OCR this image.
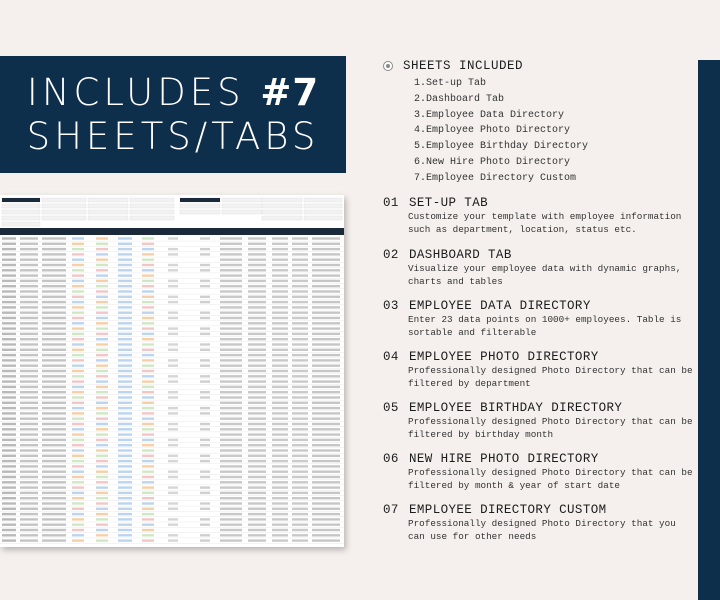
INCLUDES #7
SHEETS/TABS
SHEETS INCLUDED
1.Set-up Tab
2.Dashboard Tab
3.Employee Data Directory
4.Employee Photo Directory
5.Employee Birthday Directory
6.New Hire Photo Directory
7.Employee Directory Custom
01 SET-UP TAB
Customize your template with employee information such as department, location, status etc.
02 DASHBOARD TAB
Visualize your employee data with dynamic graphs, charts and tables
03 EMPLOYEE DATA DIRECTORY
Enter 23 data points on 1000+ employees. Table is sortable and filterable
04 EMPLOYEE PHOTO DIRECTORY
Professionally designed Photo Directory that can be filtered by department
05 EMPLOYEE BIRTHDAY DIRECTORY
Professionally designed Photo Directory that can be filtered by birthday month
06 NEW HIRE PHOTO DIRECTORY
Professionally designed Photo Directory that can be filtered by month & year of start date
07 EMPLOYEE DIRECTORY CUSTOM
Professionally designed Photo Directory that you can use for other needs
